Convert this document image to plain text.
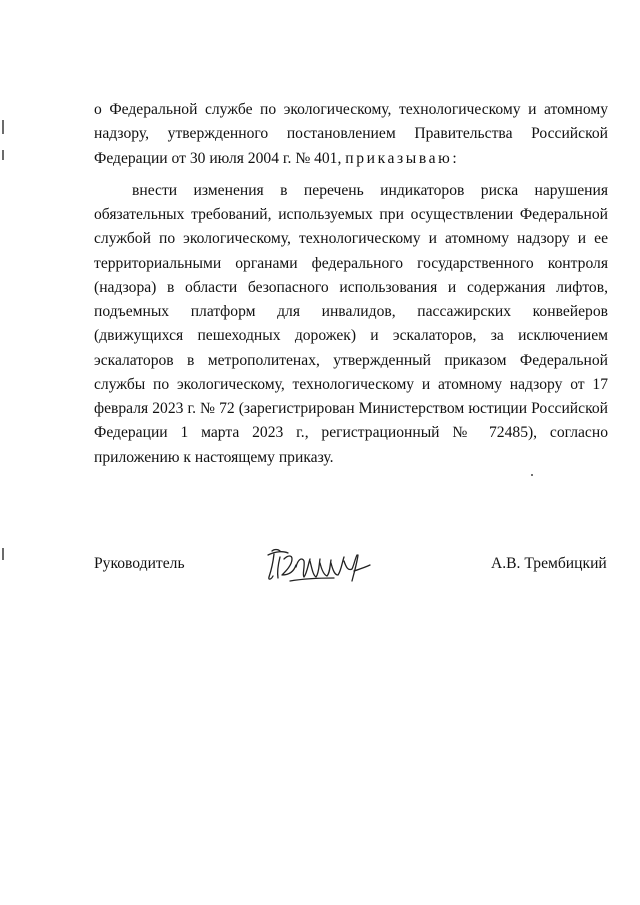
о Федеральной службе по экологическому, технологическому и атомному надзору, утвержденного постановлением Правительства Российской Федерации от 30 июля 2004 г. № 401, приказываю:

внести изменения в перечень индикаторов риска нарушения обязательных требований, используемых при осуществлении Федеральной службой по экологическому, технологическому и атомному надзору и ее территориальными органами федерального государственного контроля (надзора) в области безопасного использования и содержания лифтов, подъемных платформ для инвалидов, пассажирских конвейеров (движущихся пешеходных дорожек) и эскалаторов, за исключением эскалаторов в метрополитенах, утвержденный приказом Федеральной службы по экологическому, технологическому и атомному надзору от 17 февраля 2023 г. № 72 (зарегистрирован Министерством юстиции Российской Федерации 1 марта 2023 г., регистрационный № 72485), согласно приложению к настоящему приказу.

Руководитель	А.В. Трембицкий
